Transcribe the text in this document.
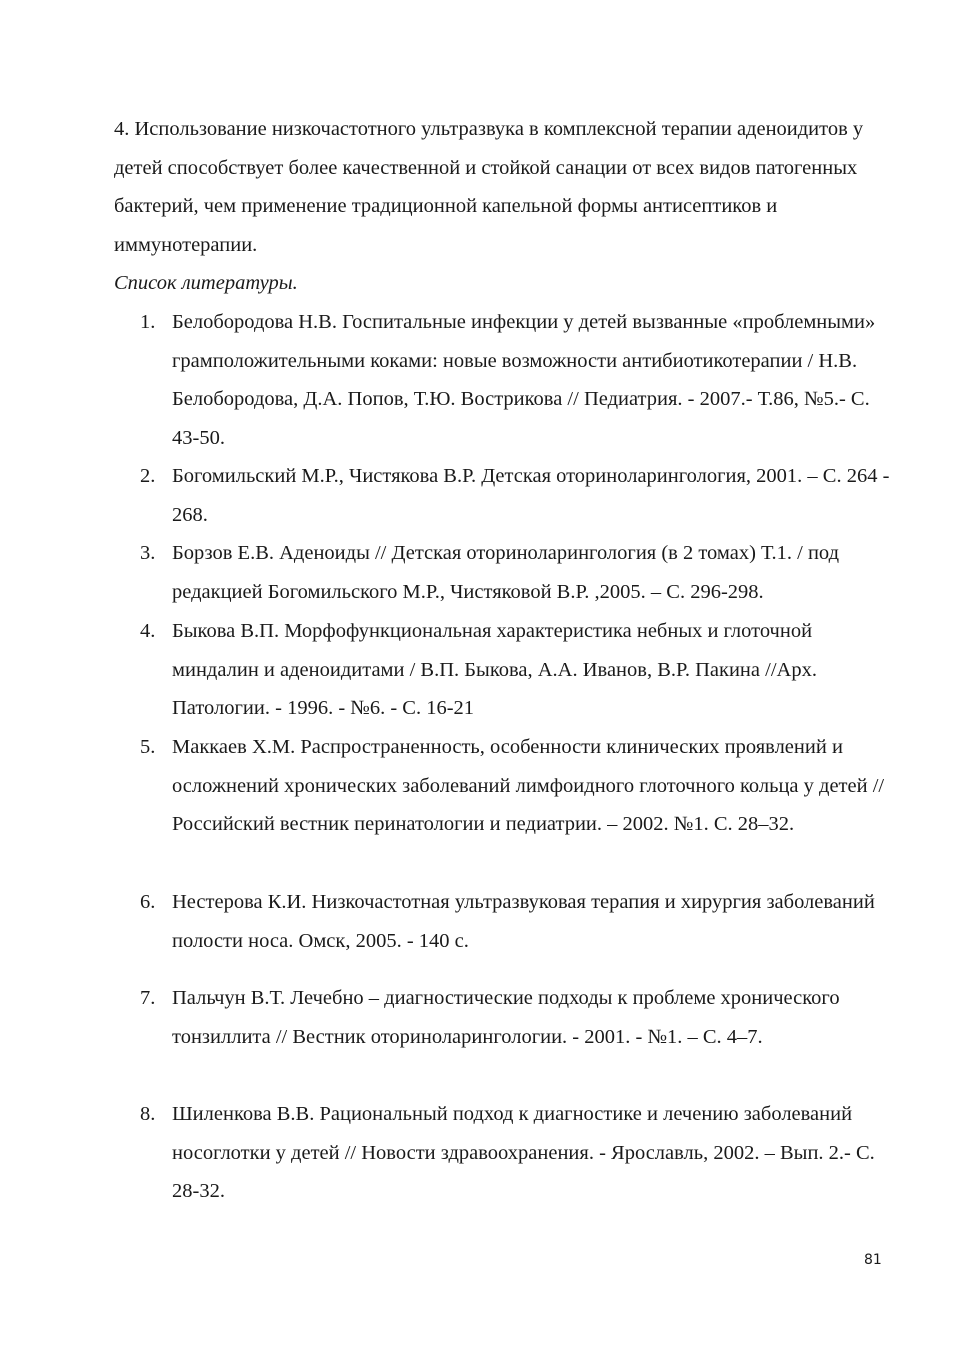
4. Использование низкочастотного ультразвука в комплексной терапии аденоидитов у детей способствует более качественной и стойкой санации от всех видов патогенных бактерий, чем применение традиционной капельной формы антисептиков и иммунотерапии.

Список литературы.

1. Белобородова Н.В. Госпитальные инфекции у детей вызванные «проблемными» грамположительными коками: новые возможности антибиотикотерапии / Н.В. Белобородова, Д.А. Попов, Т.Ю. Вострикова // Педиатрия. - 2007.- Т.86, №5.- С. 43-50.
2. Богомильский М.Р., Чистякова В.Р. Детская оториноларингология, 2001. – С. 264 - 268.
3. Борзов Е.В. Аденоиды // Детская оториноларингология (в 2 томах) Т.1. / под редакцией Богомильского М.Р., Чистяковой В.Р. ,2005. – С. 296-298.
4. Быкова В.П. Морфофункциональная характеристика небных и глоточной миндалин и аденоидитами / В.П. Быкова, А.А. Иванов, В.Р. Пакина //Арх. Патологии. - 1996. - №6. - С. 16-21
5. Маккаев Х.М. Распространенность, особенности клинических проявлений и осложнений хронических заболеваний лимфоидного глоточного кольца у детей // Российский вестник перинатологии и педиатрии. – 2002. №1. С. 28–32.
6. Нестерова К.И. Низкочастотная ультразвуковая терапия и хирургия заболеваний полости носа. Омск, 2005. - 140 с.
7. Пальчун В.Т. Лечебно – диагностические подходы к проблеме хронического тонзиллита // Вестник оториноларингологии. - 2001. - №1. – С. 4–7.
8. Шиленкова В.В. Рациональный подход к диагностике и лечению заболеваний носоглотки у детей // Новости здравоохранения. - Ярославль, 2002. – Вып. 2.- С. 28-32.
81
